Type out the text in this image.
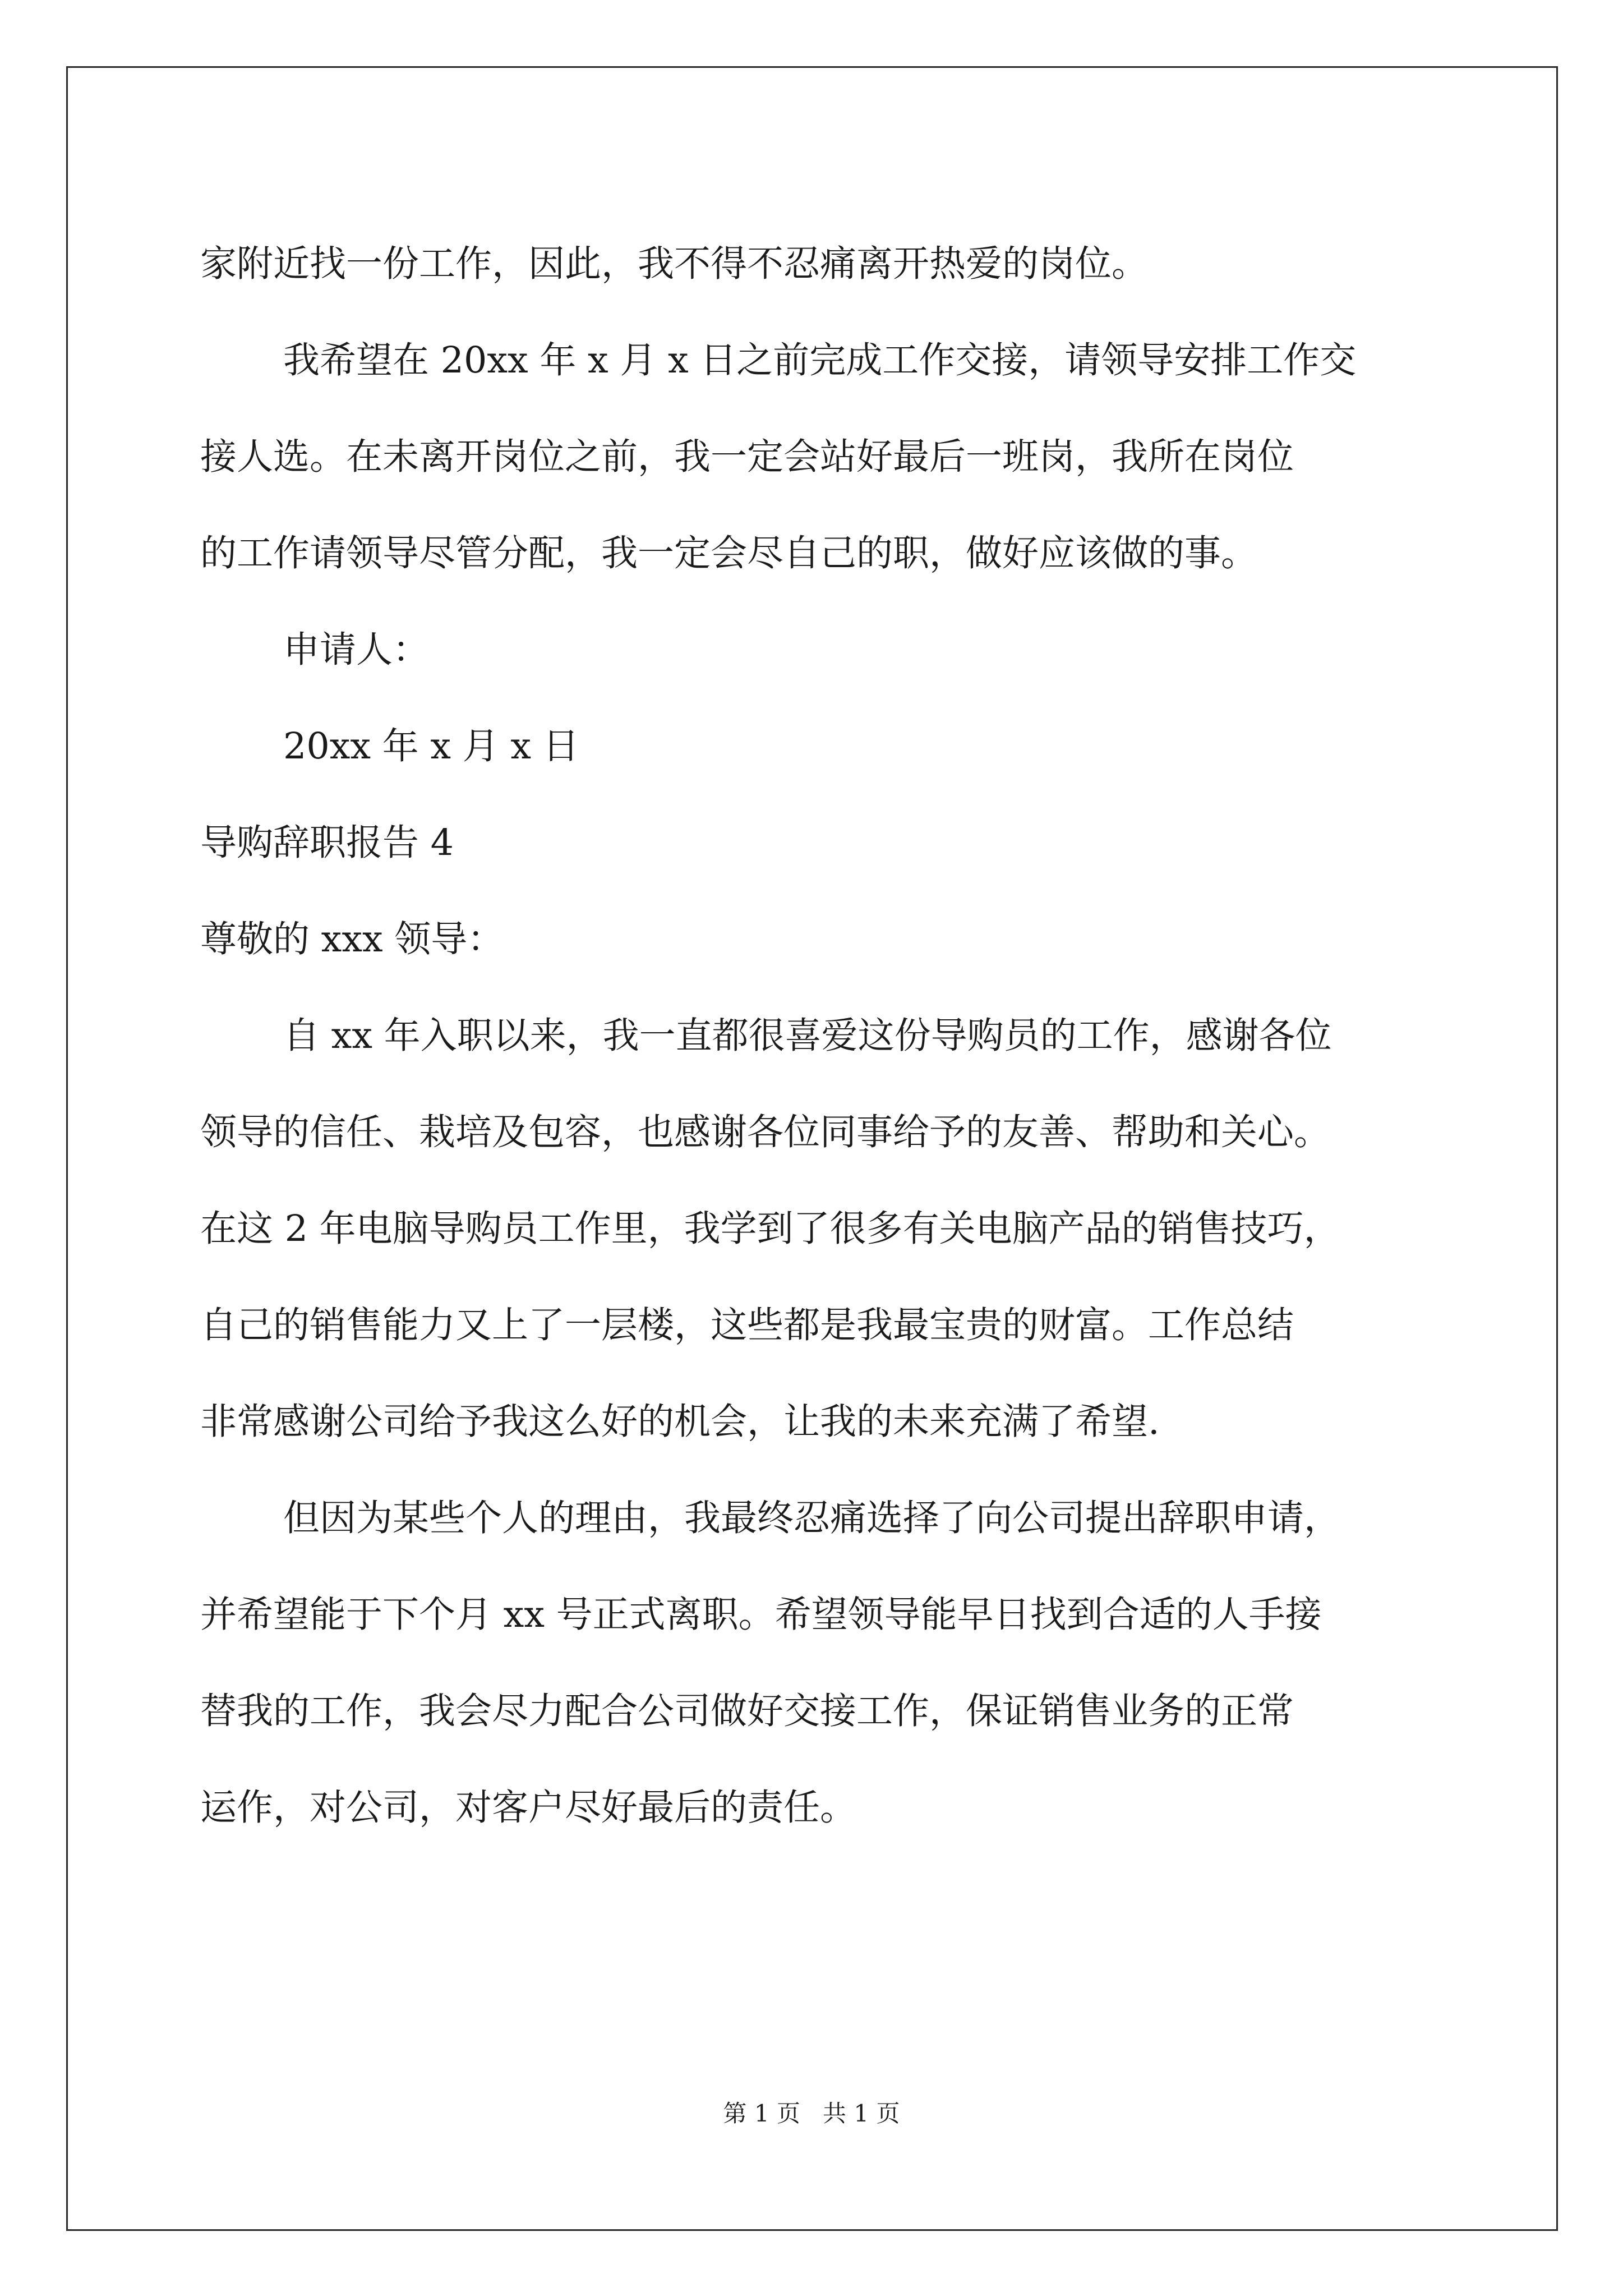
家附近找一份工作，因此，我不得不忍痛离开热爱的岗位。
我希望在 20xx 年 x 月 x 日之前完成工作交接，请领导安排工作交
接人选。在未离开岗位之前，我一定会站好最后一班岗，我所在岗位
的工作请领导尽管分配，我一定会尽自己的职，做好应该做的事。
申请人：
20xx 年 x 月 x 日
导购辞职报告 4
尊敬的 xxx 领导：
自 xx 年入职以来，我一直都很喜爱这份导购员的工作，感谢各位
领导的信任、栽培及包容，也感谢各位同事给予的友善、帮助和关心。
在这 2 年电脑导购员工作里，我学到了很多有关电脑产品的销售技巧，
自己的销售能力又上了一层楼，这些都是我最宝贵的财富。工作总结
非常感谢公司给予我这么好的机会，让我的未来充满了希望.
但因为某些个人的理由，我最终忍痛选择了向公司提出辞职申请，
并希望能于下个月 xx 号正式离职。希望领导能早日找到合适的人手接
替我的工作，我会尽力配合公司做好交接工作，保证销售业务的正常
运作，对公司，对客户尽好最后的责任。
第 1 页 共 1 页
